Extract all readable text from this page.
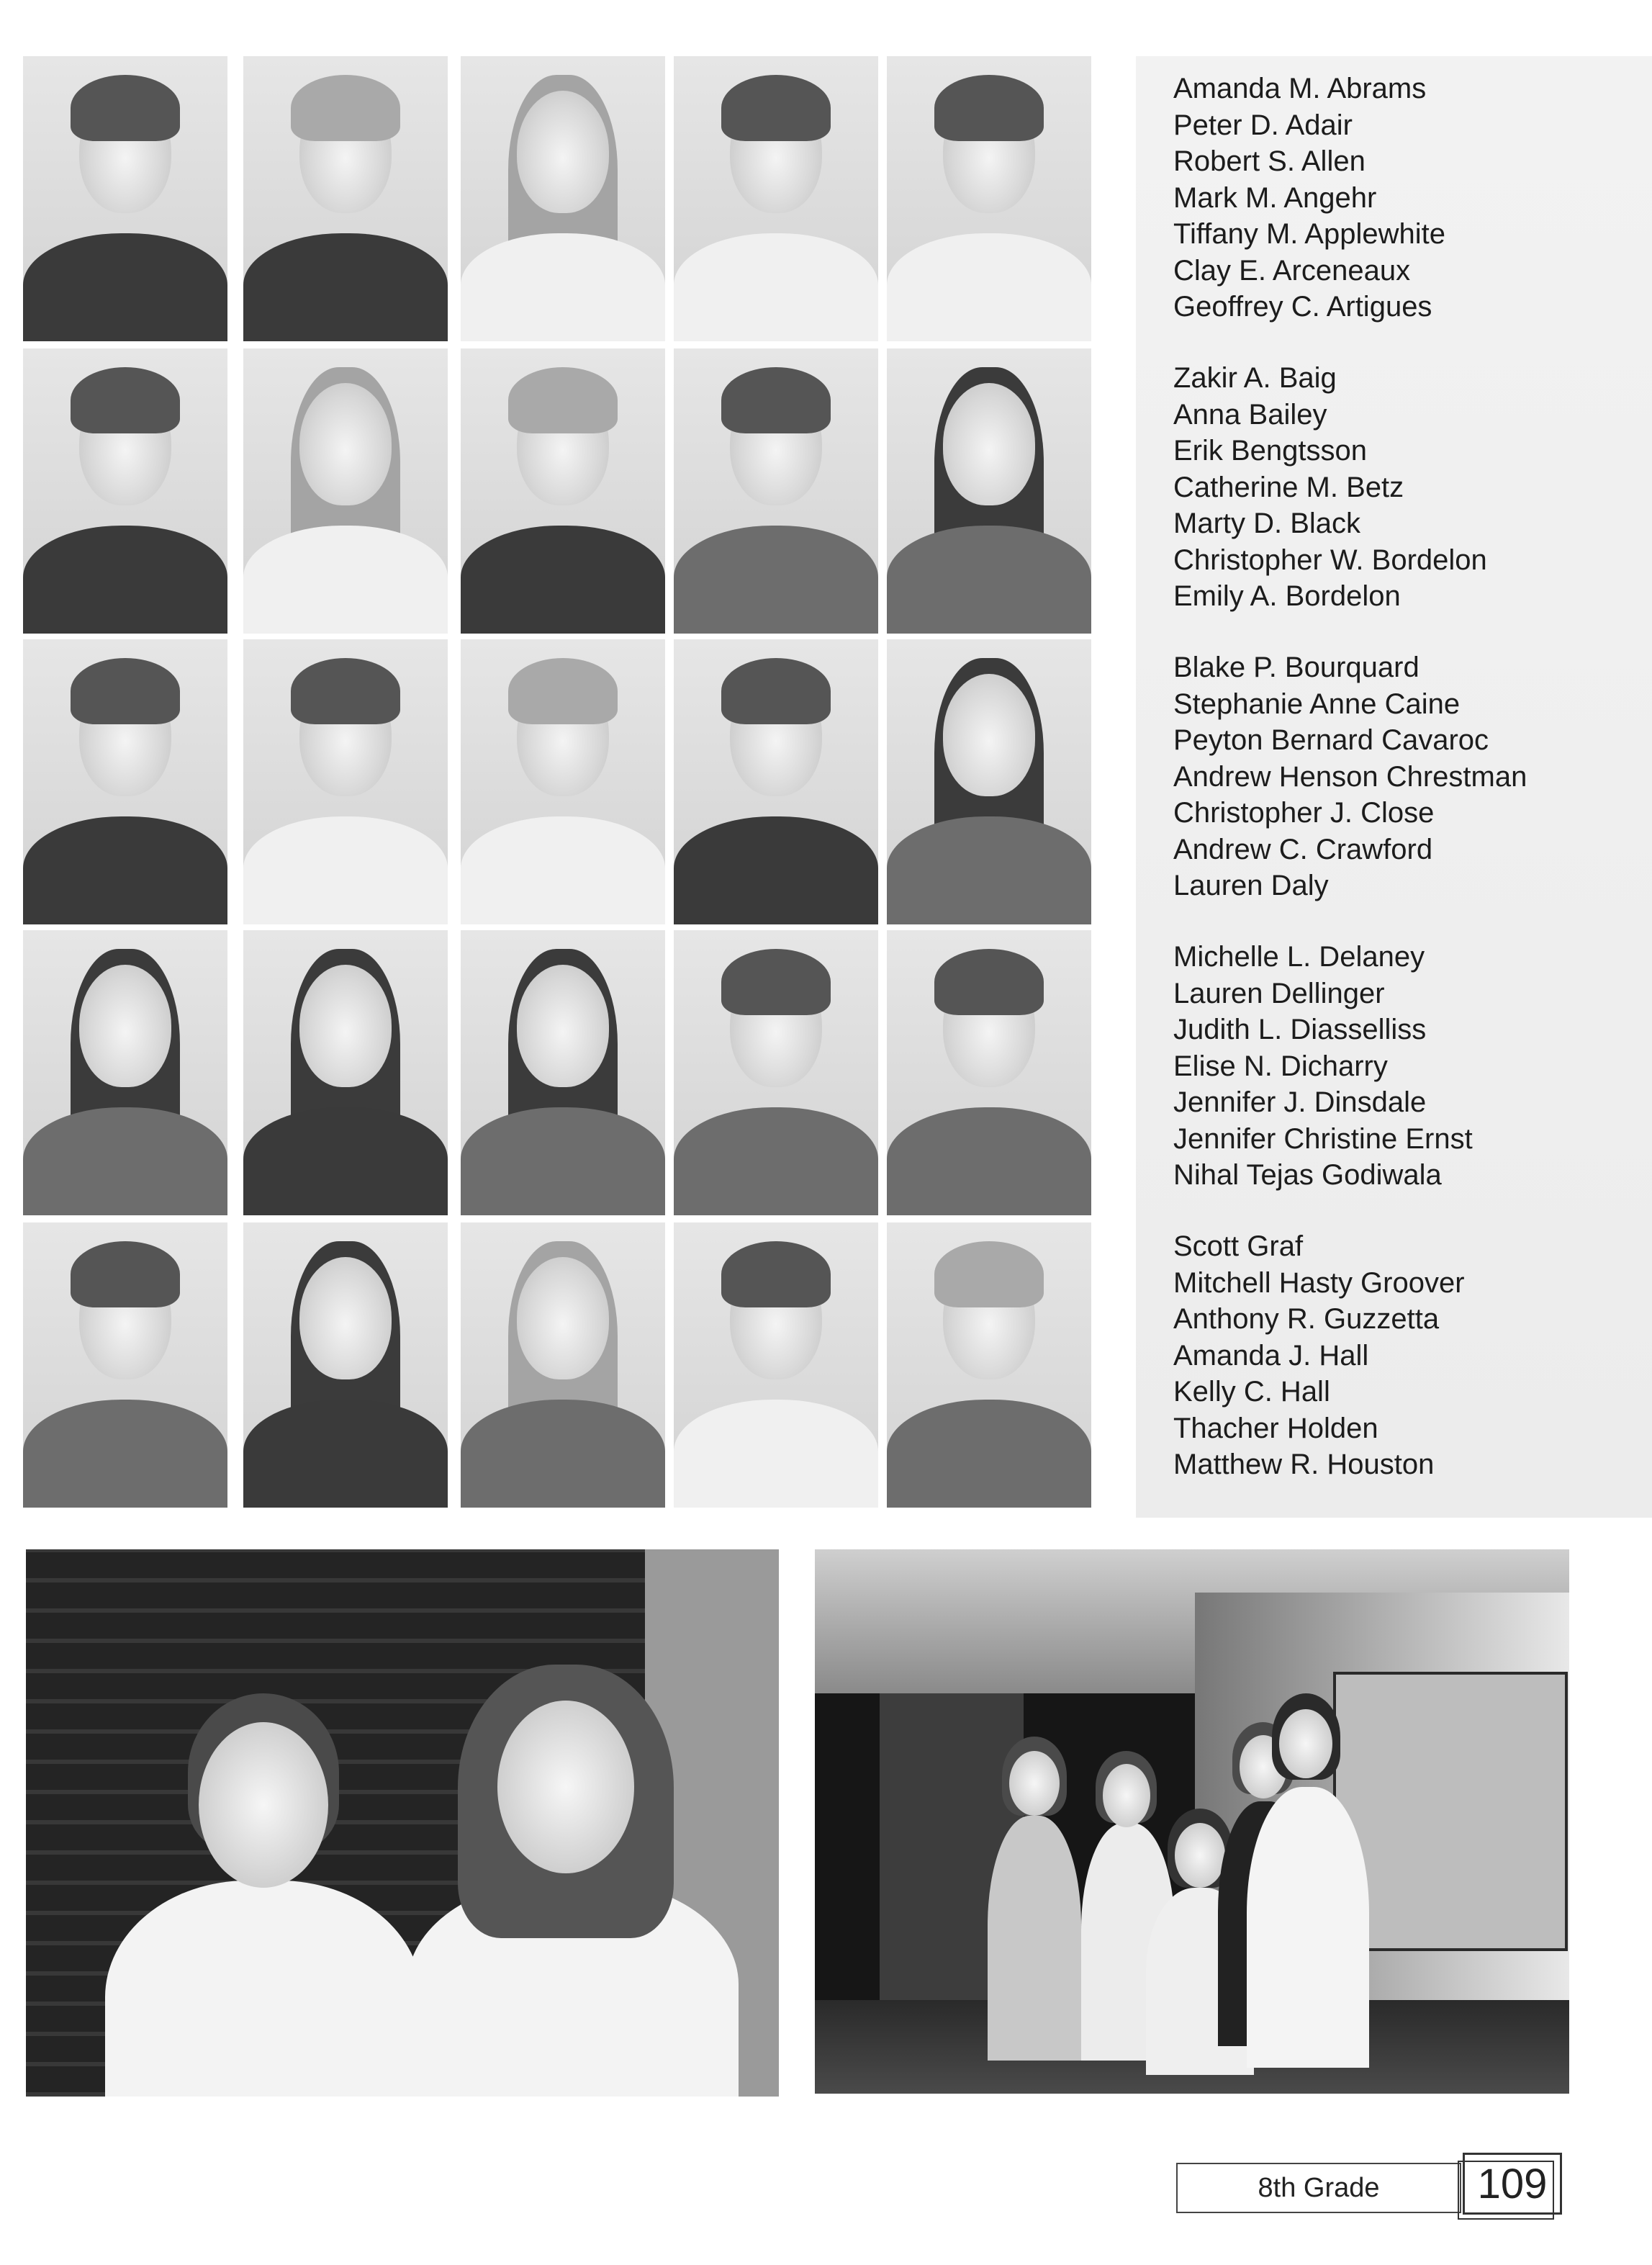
Amanda M. Abrams
Peter D. Adair
Robert S. Allen
Mark M. Angehr
Tiffany M. Applewhite
Clay E. Arceneaux
Geoffrey C. Artigues
Zakir A. Baig
Anna Bailey
Erik Bengtsson
Catherine M. Betz
Marty D. Black
Christopher W. Bordelon
Emily A. Bordelon
Blake P. Bourquard
Stephanie Anne Caine
Peyton Bernard Cavaroc
Andrew Henson Chrestman
Christopher J. Close
Andrew C. Crawford
Lauren Daly
Michelle L. Delaney
Lauren Dellinger
Judith L. Diasselliss
Elise N. Dicharry
Jennifer J. Dinsdale
Jennifer Christine Ernst
Nihal Tejas Godiwala
Scott Graf
Mitchell Hasty Groover
Anthony R. Guzzetta
Amanda J. Hall
Kelly C. Hall
Thacher Holden
Matthew R. Houston
8th Grade	109
